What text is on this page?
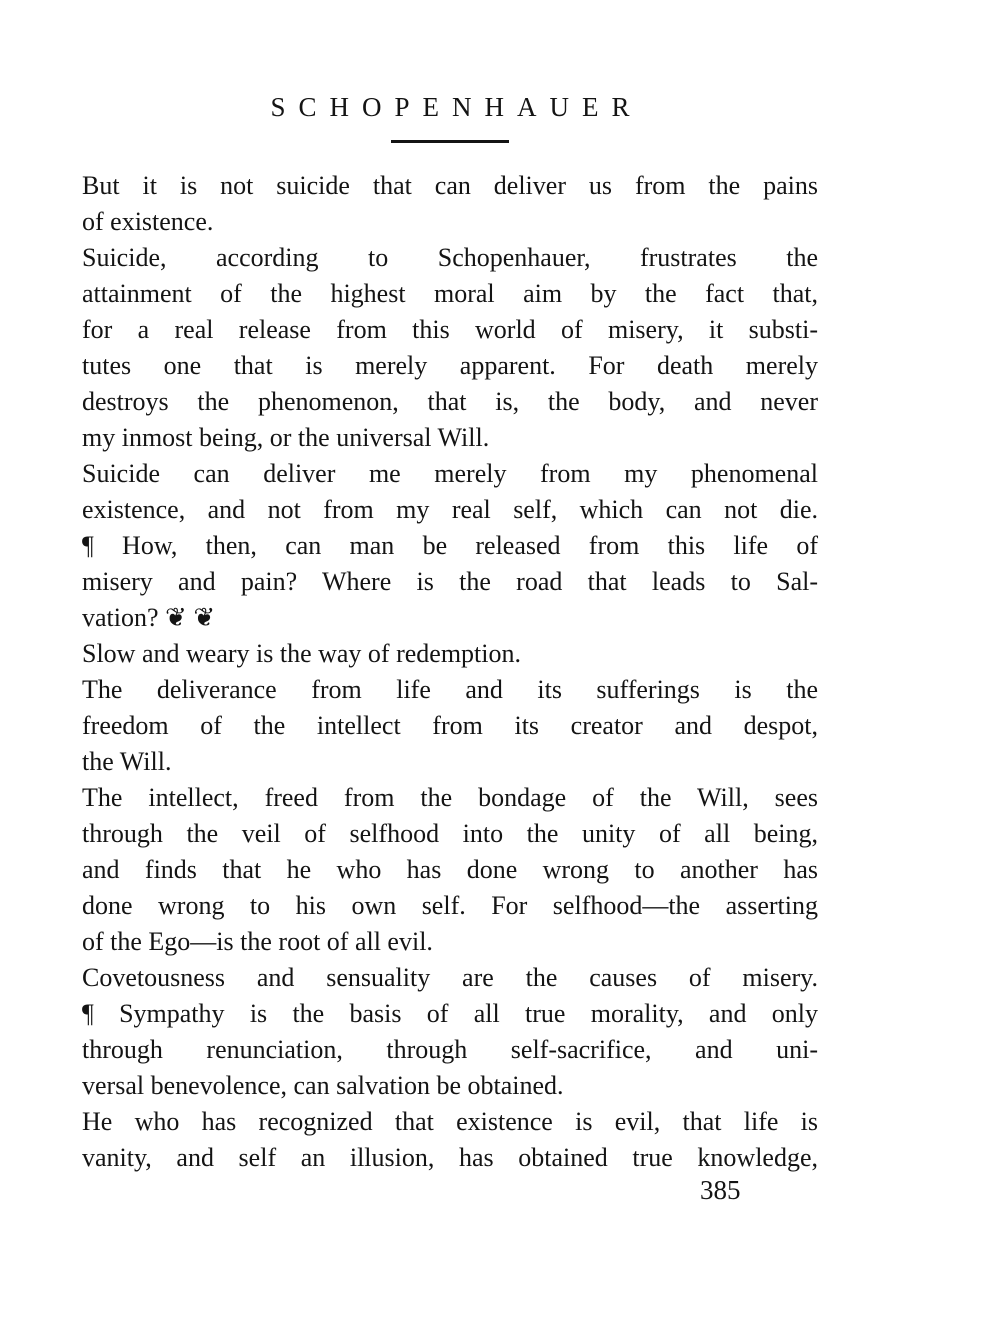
SCHOPENHAUER
But it is not suicide that can deliver us from the pains
of existence.
Suicide, according to Schopenhauer, frustrates the
attainment of the highest moral aim by the fact that,
for a real release from this world of misery, it substi-
tutes one that is merely apparent. For death merely
destroys the phenomenon, that is, the body, and never
my inmost being, or the universal Will.
Suicide can deliver me merely from my phenomenal
existence, and not from my real self, which can not die.
¶ How, then, can man be released from this life of
misery and pain? Where is the road that leads to Sal-
vation? ❦ ❦
Slow and weary is the way of redemption.
The deliverance from life and its sufferings is the
freedom of the intellect from its creator and despot,
the Will.
The intellect, freed from the bondage of the Will, sees
through the veil of selfhood into the unity of all being,
and finds that he who has done wrong to another has
done wrong to his own self. For selfhood—the asserting
of the Ego—is the root of all evil.
Covetousness and sensuality are the causes of misery.
¶ Sympathy is the basis of all true morality, and only
through renunciation, through self-sacrifice, and uni-
versal benevolence, can salvation be obtained.
He who has recognized that existence is evil, that life is
vanity, and self an illusion, has obtained true knowledge,
385
